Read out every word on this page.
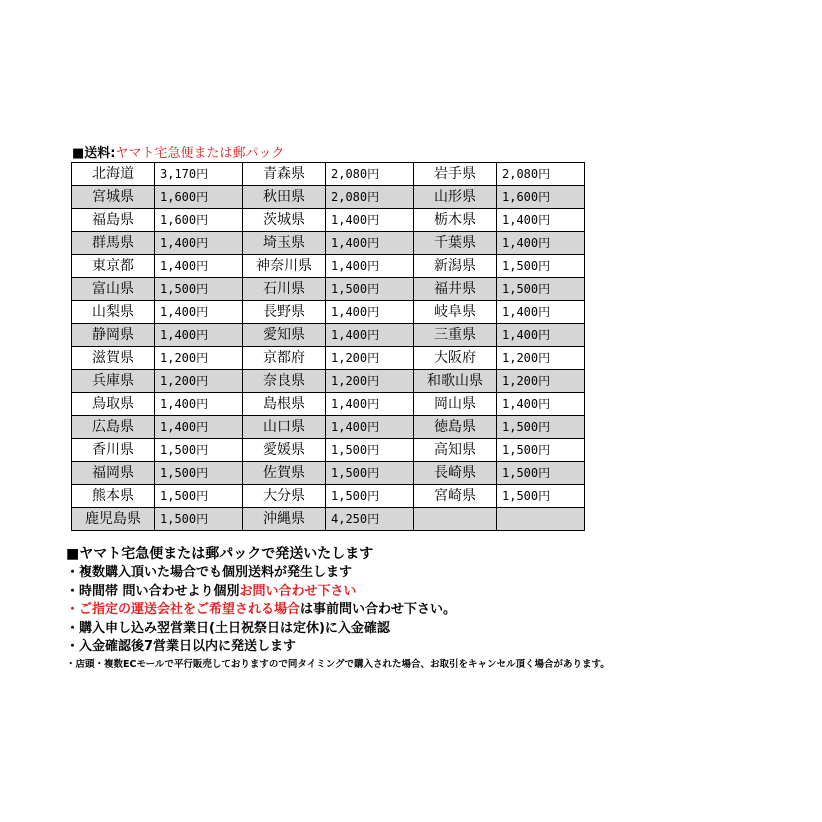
■送料:ヤマト宅急便または郵パック
北海道	3,170円	青森県	2,080円	岩手県	2,080円
宮城県	1,600円	秋田県	2,080円	山形県	1,600円
福島県	1,600円	茨城県	1,400円	栃木県	1,400円
群馬県	1,400円	埼玉県	1,400円	千葉県	1,400円
東京都	1,400円	神奈川県	1,400円	新潟県	1,500円
富山県	1,500円	石川県	1,500円	福井県	1,500円
山梨県	1,400円	長野県	1,400円	岐阜県	1,400円
静岡県	1,400円	愛知県	1,400円	三重県	1,400円
滋賀県	1,200円	京都府	1,200円	大阪府	1,200円
兵庫県	1,200円	奈良県	1,200円	和歌山県	1,200円
鳥取県	1,400円	島根県	1,400円	岡山県	1,400円
広島県	1,400円	山口県	1,400円	徳島県	1,500円
香川県	1,500円	愛媛県	1,500円	高知県	1,500円
福岡県	1,500円	佐賀県	1,500円	長崎県	1,500円
熊本県	1,500円	大分県	1,500円	宮崎県	1,500円
鹿児島県	1,500円	沖縄県	4,250円		
■ヤマト宅急便または郵パックで発送いたします
・複数購入頂いた場合でも個別送料が発生します
・時間帯 問い合わせより個別お問い合わせ下さい
・ご指定の運送会社をご希望される場合は事前問い合わせ下さい。
・購入申し込み翌営業日(土日祝祭日は定休)に入金確認
・入金確認後7営業日以内に発送します
・店頭・複数ECモールで平行販売しておりますので同タイミングで購入された場合、お取引をキャンセル頂く場合があります。
